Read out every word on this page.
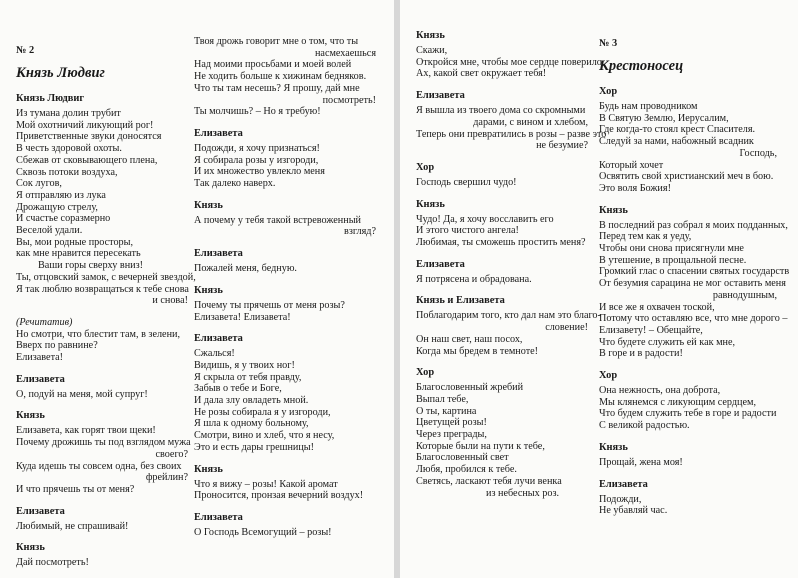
№ 2
Князь Людвиг
Князь Людвиг
Из тумана долин трубит
Мой охотничий ликующий рог!
Приветственные звуки доносятся
В честь здоровой охоты.
Сбежав от сковывающего плена,
Сквозь потоки воздуха,
Сок лугов,
Я отправляю из лука
Дрожащую стрелу,
И счастье соразмерно
Веселой удали.
Вы, мои родные просторы,
как мне нравится пересекать
Ваши горы сверху вниз!
Ты, отцовский замок, с вечерней звездой,
Я так люблю возвращаться к тебе снова
и снова!
(Речитатив)
Но смотри, что блестит там, в зелени,
Вверх по равнине?
Елизавета!
Елизавета
О, подуй на меня, мой супруг!
Князь
Елизавета, как горят твои щеки!
Почему дрожишь ты под взглядом мужа
своего?
Куда идешь ты совсем одна, без своих
фрейлин?
И что прячешь ты от меня?
Елизавета
Любимый, не спрашивай!
Князь
Дай посмотреть!
Твоя дрожь говорит мне о том, что ты
насмехаешься
Над моими просьбами и моей волей
Не ходить больше к хижинам бедняков.
Что ты там несешь? Я прошу, дай мне
посмотреть!
Ты молчишь? – Но я требую!
Елизавета
Подожди, я хочу признаться!
Я собирала розы у изгороди,
И их множество увлекло меня
Так далеко наверх.
Князь
А почему у тебя такой встревоженный
взгляд?
Елизавета
Пожалей меня, бедную.
Князь
Почему ты прячешь от меня розы?
Елизавета! Елизавета!
Елизавета
Сжалься!
Видишь, я у твоих ног!
Я скрыла от тебя правду,
Забыв о тебе и Боге,
И дала злу овладеть мной.
Не розы собирала я у изгороди,
Я шла к одному больному,
Смотри, вино и хлеб, что я несу,
Это и есть дары грешницы!
Князь
Что я вижу – розы! Какой аромат
Проносится, пронзая вечерний воздух!
Елизавета
О Господь Всемогущий – розы!
Князь
Скажи,
Откройся мне, чтобы мое сердце поверило.
Ах, какой свет окружает тебя!
Елизавета
Я вышла из твоего дома со скромными
дарами, с вином и хлебом,
Теперь они превратились в розы – разве это
не безумие?
Хор
Господь свершил чудо!
Князь
Чудо! Да, я хочу восславить его
И этого чистого ангела!
Любимая, ты сможешь простить меня?
Елизавета
Я потрясена и обрадована.
Князь и Елизавета
Поблагодарим того, кто дал нам это благо-
словение!
Он наш свет, наш посох,
Когда мы бредем в темноте!
Хор
Благословенный жребий
Выпал тебе,
О ты, картина
Цветущей розы!
Через преграды,
Которые были на пути к тебе,
Благословенный свет
Любя, пробился к тебе.
Светясь, ласкают тебя лучи венка
из небесных роз.
№ 3
Крестоносец
Хор
Будь нам проводником
В Святую Землю, Иерусалим,
Где когда-то стоял крест Спасителя.
Следуй за нами, набожный всадник
Господь,
Который хочет
Освятить свой христианский меч в бою.
Это воля Божия!
Князь
В последний раз собрал я моих подданных,
Перед тем как я уеду,
Чтобы они снова присягнули мне
В утешение, в прощальной песне.
Громкий глас о спасении святых государств
От безумия сарацина не мог оставить меня
равнодушным,
И все же я охвачен тоской,
Потому что оставляю все, что мне дорого –
Елизавету! – Обещайте,
Что будете служить ей как мне,
В горе и в радости!
Хор
Она нежность, она доброта,
Мы клянемся с ликующим сердцем,
Что будем служить тебе в горе и радости
С великой радостью.
Князь
Прощай, жена моя!
Елизавета
Подожди,
Не убавляй час.
